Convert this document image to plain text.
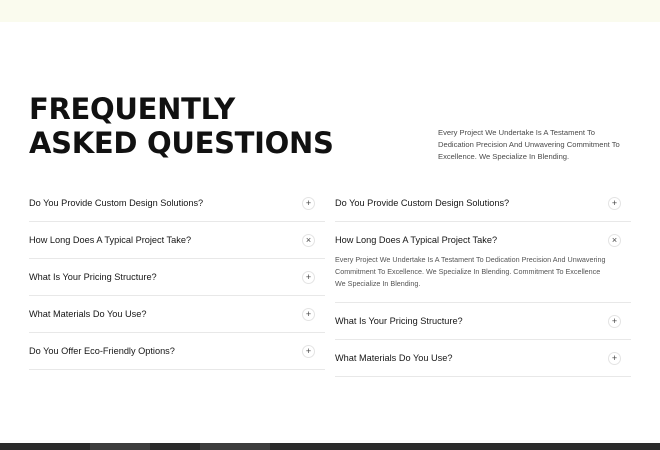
FREQUENTLY
ASKED QUESTIONS	Every Project We Undertake Is A Testament To Dedication Precision And Unwavering Commitment To Excellence. We Specialize In Blending.

Do You Provide Custom Design Solutions?	+
How Long Does A Typical Project Take?	×
What Is Your Pricing Structure?	+
What Materials Do You Use?	+
Do You Offer Eco-Friendly Options?	+
Do You Provide Custom Design Solutions?	+
How Long Does A Typical Project Take?	×

Every Project We Undertake Is A Testament To Dedication Precision And Unwavering Commitment To Excellence. We Specialize In Blending. Commitment To Excellence We Specialize In Blending.

What Is Your Pricing Structure?	+
What Materials Do You Use?	+
